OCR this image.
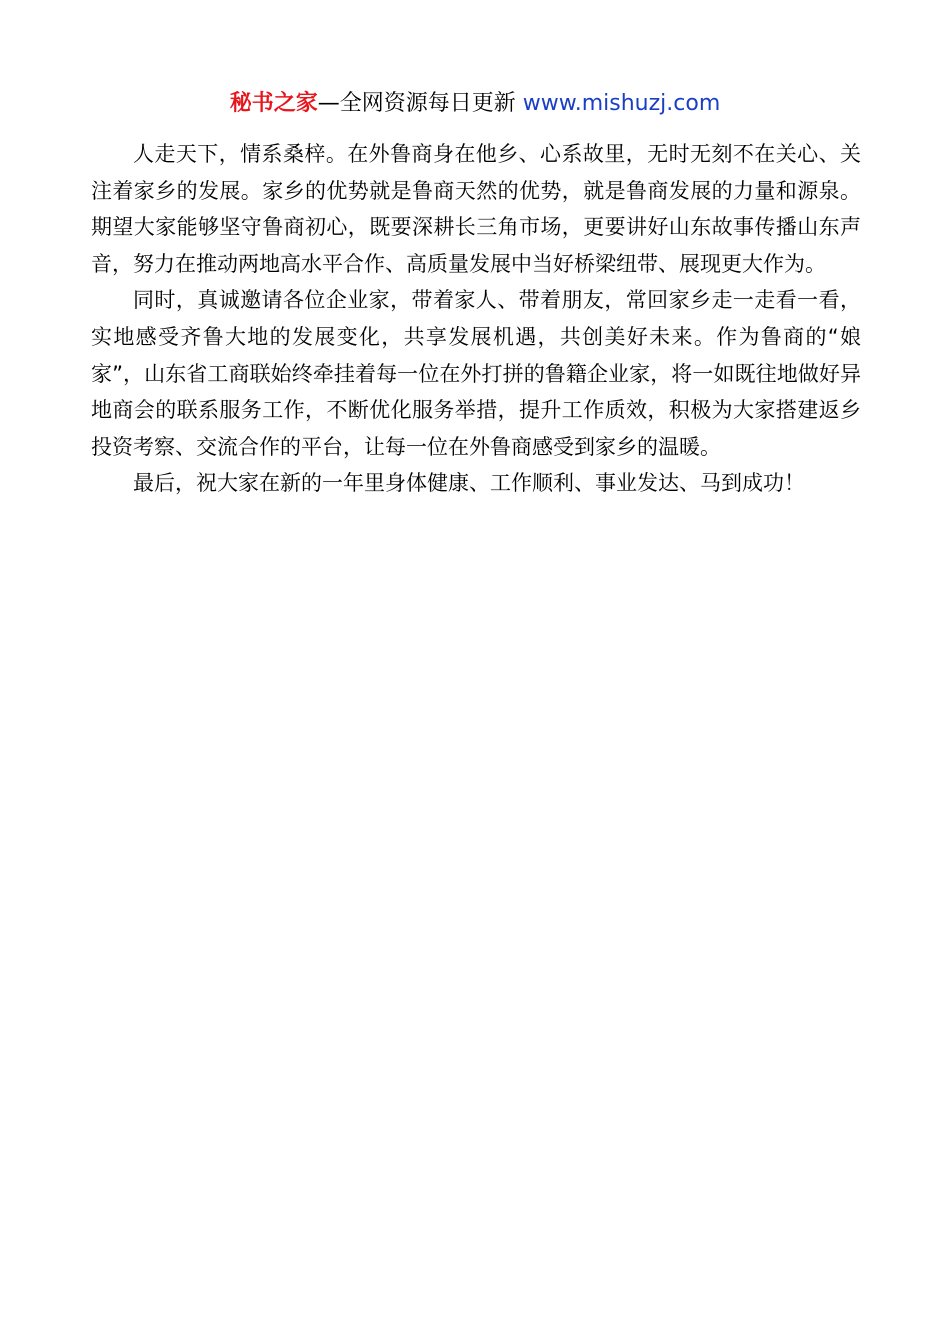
秘书之家—全网资源每日更新 www.mishuzj.com

人走天下，情系桑梓。在外鲁商身在他乡、心系故里，无时无刻不在关心、关注着家乡的发展。家乡的优势就是鲁商天然的优势，就是鲁商发展的力量和源泉。期望大家能够坚守鲁商初心，既要深耕长三角市场，更要讲好山东故事传播山东声音，努力在推动两地高水平合作、高质量发展中当好桥梁纽带、展现更大作为。

同时，真诚邀请各位企业家，带着家人、带着朋友，常回家乡走一走看一看，实地感受齐鲁大地的发展变化，共享发展机遇，共创美好未来。作为鲁商的“娘家”，山东省工商联始终牵挂着每一位在外打拼的鲁籍企业家，将一如既往地做好异地商会的联系服务工作，不断优化服务举措，提升工作质效，积极为大家搭建返乡投资考察、交流合作的平台，让每一位在外鲁商感受到家乡的温暖。

最后，祝大家在新的一年里身体健康、工作顺利、事业发达、马到成功！
